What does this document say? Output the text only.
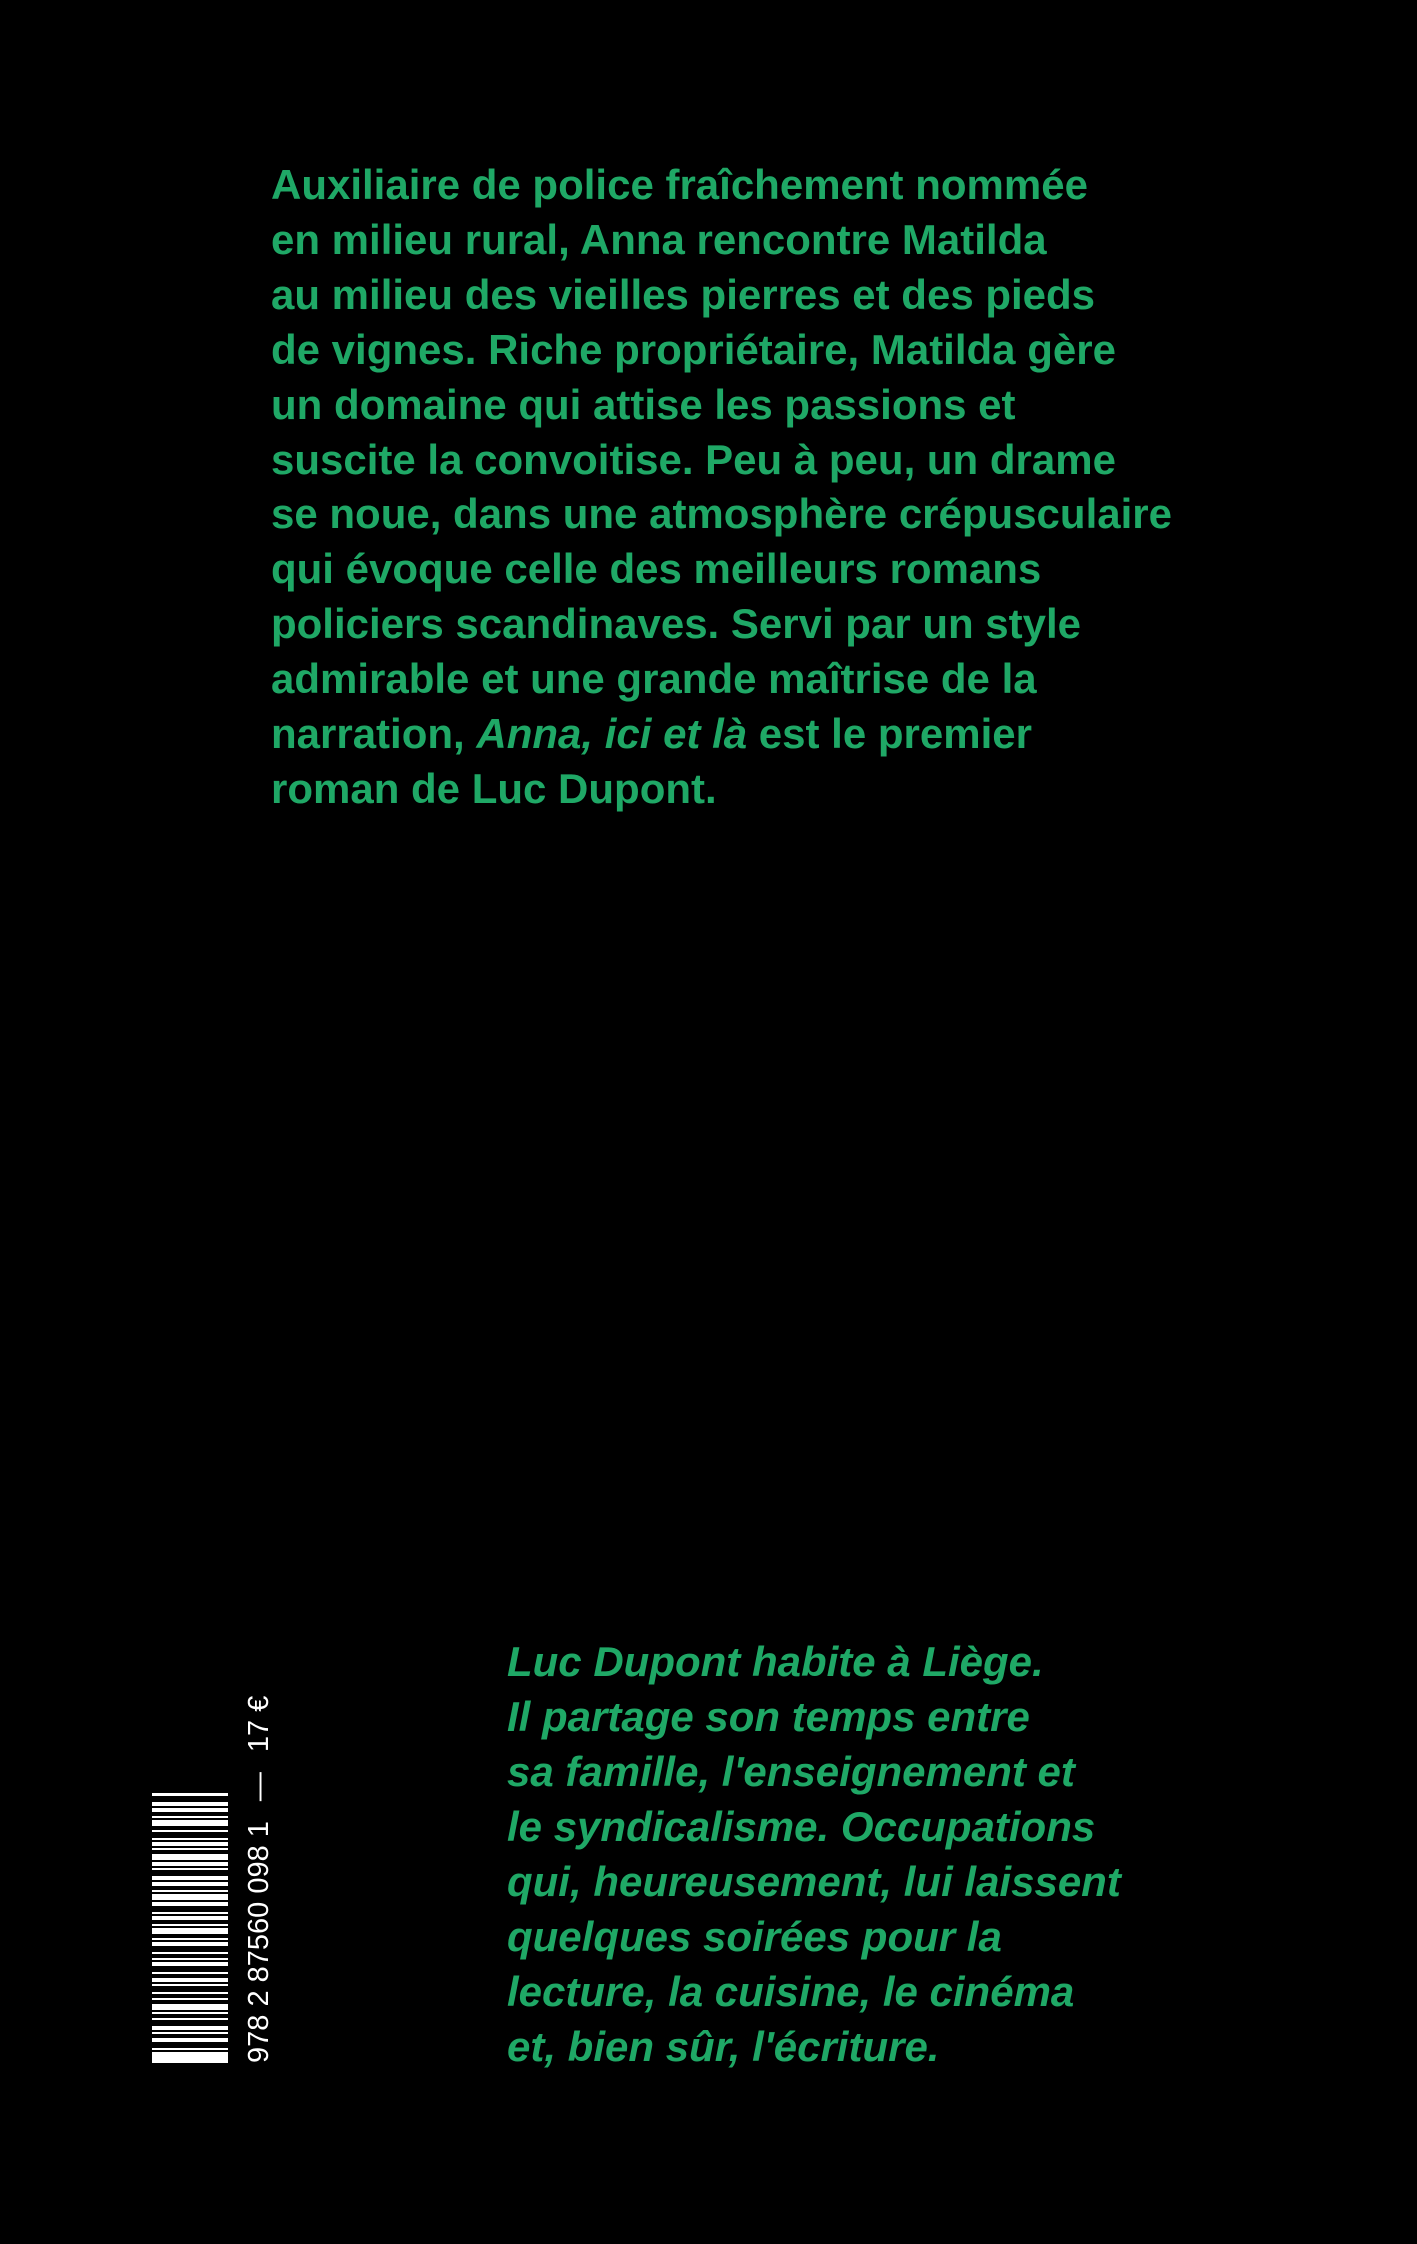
Auxiliaire de police fraîchement nommée
en milieu rural, Anna rencontre Matilda
au milieu des vieilles pierres et des pieds
de vignes. Riche propriétaire, Matilda gère
un domaine qui attise les passions et
suscite la convoitise. Peu à peu, un drame
se noue, dans une atmosphère crépusculaire
qui évoque celle des meilleurs romans
policiers scandinaves. Servi par un style
admirable et une grande maîtrise de la
narration, Anna, ici et là est le premier
roman de Luc Dupont.
Luc Dupont habite à Liège.
Il partage son temps entre
sa famille, l'enseignement et
le syndicalisme. Occupations
qui, heureusement, lui laissent
quelques soirées pour la
lecture, la cuisine, le cinéma
et, bien sûr, l'écriture.
978 2 87560 098 1—17 €
